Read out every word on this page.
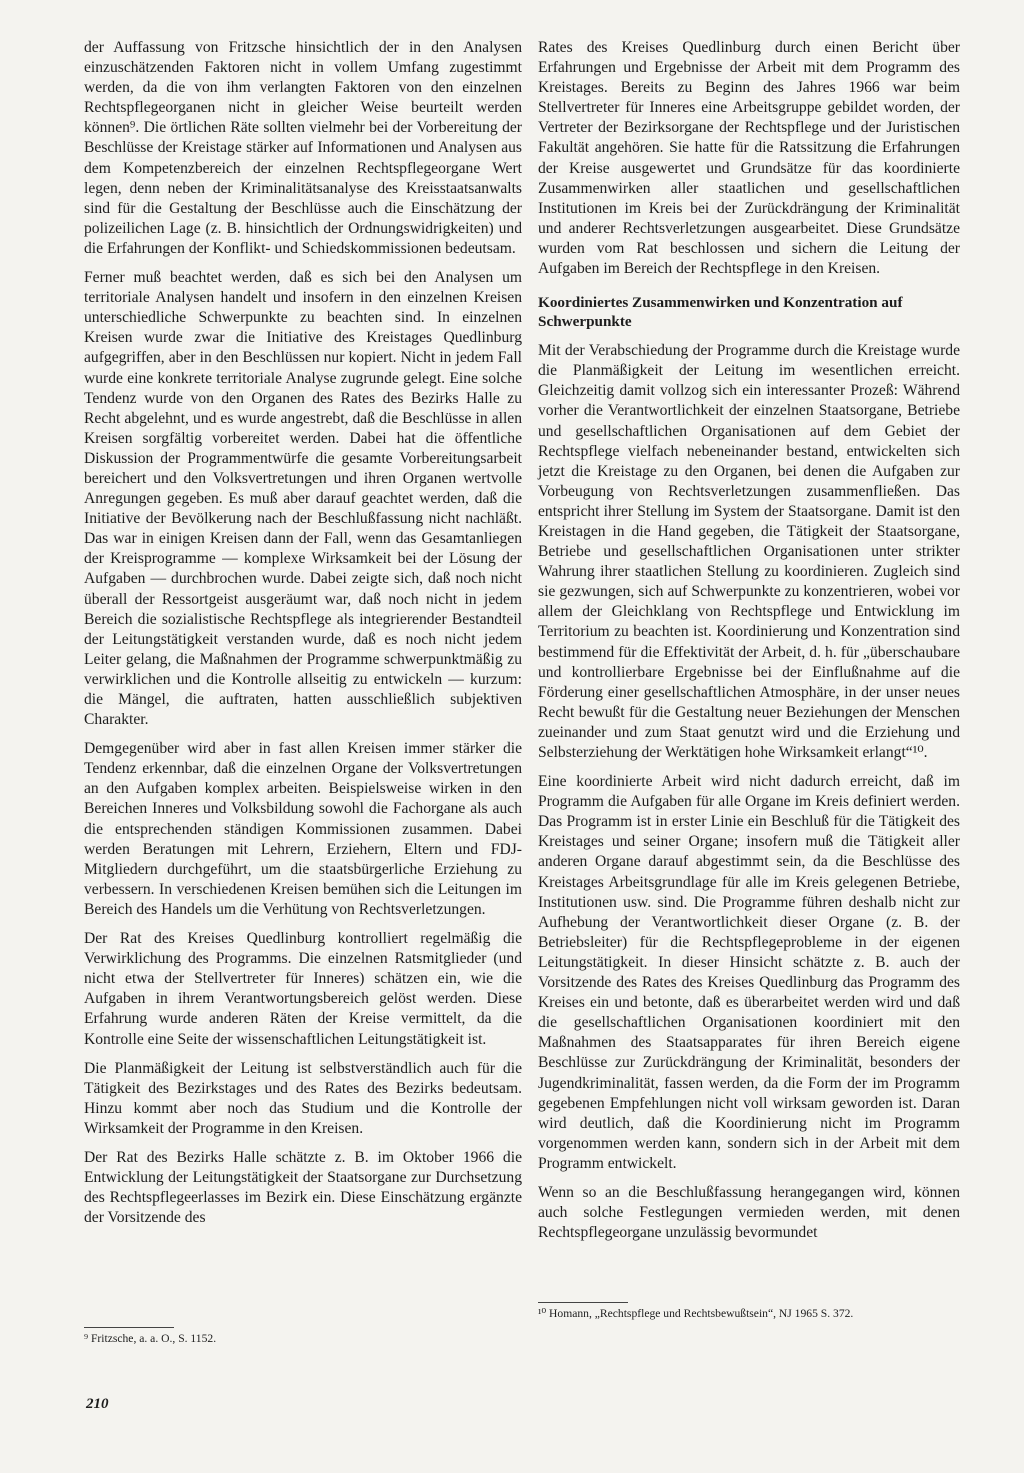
der Auffassung von Fritzsche hinsichtlich der in den Analysen einzuschätzenden Faktoren nicht in vollem Umfang zugestimmt werden, da die von ihm verlangten Faktoren von den einzelnen Rechtspflegeorganen nicht in gleicher Weise beurteilt werden können⁹. Die örtlichen Räte sollten vielmehr bei der Vorbereitung der Beschlüsse der Kreistage stärker auf Informationen und Analysen aus dem Kompetenzbereich der einzelnen Rechtspflegeorgane Wert legen, denn neben der Kriminalitätsanalyse des Kreisstaatsanwalts sind für die Gestaltung der Beschlüsse auch die Einschätzung der polizeilichen Lage (z. B. hinsichtlich der Ordnungswidrigkeiten) und die Erfahrungen der Konflikt- und Schiedskommissionen bedeutsam.

Ferner muß beachtet werden, daß es sich bei den Analysen um territoriale Analysen handelt und insofern in den einzelnen Kreisen unterschiedliche Schwerpunkte zu beachten sind. In einzelnen Kreisen wurde zwar die Initiative des Kreistages Quedlinburg aufgegriffen, aber in den Beschlüssen nur kopiert. Nicht in jedem Fall wurde eine konkrete territoriale Analyse zugrunde gelegt. Eine solche Tendenz wurde von den Organen des Rates des Bezirks Halle zu Recht abgelehnt, und es wurde angestrebt, daß die Beschlüsse in allen Kreisen sorgfältig vorbereitet werden. Dabei hat die öffentliche Diskussion der Programmentwürfe die gesamte Vorbereitungsarbeit bereichert und den Volksvertretungen und ihren Organen wertvolle Anregungen gegeben. Es muß aber darauf geachtet werden, daß die Initiative der Bevölkerung nach der Beschlußfassung nicht nachläßt. Das war in einigen Kreisen dann der Fall, wenn das Gesamtanliegen der Kreisprogramme — komplexe Wirksamkeit bei der Lösung der Aufgaben — durchbrochen wurde. Dabei zeigte sich, daß noch nicht überall der Ressortgeist ausgeräumt war, daß noch nicht in jedem Bereich die sozialistische Rechtspflege als integrierender Bestandteil der Leitungstätigkeit verstanden wurde, daß es noch nicht jedem Leiter gelang, die Maßnahmen der Programme schwerpunktmäßig zu verwirklichen und die Kontrolle allseitig zu entwickeln — kurzum: die Mängel, die auftraten, hatten ausschließlich subjektiven Charakter.

Demgegenüber wird aber in fast allen Kreisen immer stärker die Tendenz erkennbar, daß die einzelnen Organe der Volksvertretungen an den Aufgaben komplex arbeiten. Beispielsweise wirken in den Bereichen Inneres und Volksbildung sowohl die Fachorgane als auch die entsprechenden ständigen Kommissionen zusammen. Dabei werden Beratungen mit Lehrern, Erziehern, Eltern und FDJ-Mitgliedern durchgeführt, um die staatsbürgerliche Erziehung zu verbessern. In verschiedenen Kreisen bemühen sich die Leitungen im Bereich des Handels um die Verhütung von Rechtsverletzungen.

Der Rat des Kreises Quedlinburg kontrolliert regelmäßig die Verwirklichung des Programms. Die einzelnen Ratsmitglieder (und nicht etwa der Stellvertreter für Inneres) schätzen ein, wie die Aufgaben in ihrem Verantwortungsbereich gelöst werden. Diese Erfahrung wurde anderen Räten der Kreise vermittelt, da die Kontrolle eine Seite der wissenschaftlichen Leitungstätigkeit ist.

Die Planmäßigkeit der Leitung ist selbstverständlich auch für die Tätigkeit des Bezirkstages und des Rates des Bezirks bedeutsam. Hinzu kommt aber noch das Studium und die Kontrolle der Wirksamkeit der Programme in den Kreisen.

Der Rat des Bezirks Halle schätzte z. B. im Oktober 1966 die Entwicklung der Leitungstätigkeit der Staatsorgane zur Durchsetzung des Rechtspflegeerlasses im Bezirk ein. Diese Einschätzung ergänzte der Vorsitzende des

⁹ Fritzsche, a. a. O., S. 1152.

Rates des Kreises Quedlinburg durch einen Bericht über Erfahrungen und Ergebnisse der Arbeit mit dem Programm des Kreistages. Bereits zu Beginn des Jahres 1966 war beim Stellvertreter für Inneres eine Arbeitsgruppe gebildet worden, der Vertreter der Bezirksorgane der Rechtspflege und der Juristischen Fakultät angehören. Sie hatte für die Ratssitzung die Erfahrungen der Kreise ausgewertet und Grundsätze für das koordinierte Zusammenwirken aller staatlichen und gesellschaftlichen Institutionen im Kreis bei der Zurückdrängung der Kriminalität und anderer Rechtsverletzungen ausgearbeitet. Diese Grundsätze wurden vom Rat beschlossen und sichern die Leitung der Aufgaben im Bereich der Rechtspflege in den Kreisen.

Koordiniertes Zusammenwirken und Konzentration auf Schwerpunkte

Mit der Verabschiedung der Programme durch die Kreistage wurde die Planmäßigkeit der Leitung im wesentlichen erreicht. Gleichzeitig damit vollzog sich ein interessanter Prozeß: Während vorher die Verantwortlichkeit der einzelnen Staatsorgane, Betriebe und gesellschaftlichen Organisationen auf dem Gebiet der Rechtspflege vielfach nebeneinander bestand, entwickelten sich jetzt die Kreistage zu den Organen, bei denen die Aufgaben zur Vorbeugung von Rechtsverletzungen zusammenfließen. Das entspricht ihrer Stellung im System der Staatsorgane. Damit ist den Kreistagen in die Hand gegeben, die Tätigkeit der Staatsorgane, Betriebe und gesellschaftlichen Organisationen unter strikter Wahrung ihrer staatlichen Stellung zu koordinieren. Zugleich sind sie gezwungen, sich auf Schwerpunkte zu konzentrieren, wobei vor allem der Gleichklang von Rechtspflege und Entwicklung im Territorium zu beachten ist. Koordinierung und Konzentration sind bestimmend für die Effektivität der Arbeit, d. h. für „überschaubare und kontrollierbare Ergebnisse bei der Einflußnahme auf die Förderung einer gesellschaftlichen Atmosphäre, in der unser neues Recht bewußt für die Gestaltung neuer Beziehungen der Menschen zueinander und zum Staat genutzt wird und die Erziehung und Selbsterziehung der Werktätigen hohe Wirksamkeit erlangt“¹⁰.

Eine koordinierte Arbeit wird nicht dadurch erreicht, daß im Programm die Aufgaben für alle Organe im Kreis definiert werden. Das Programm ist in erster Linie ein Beschluß für die Tätigkeit des Kreistages und seiner Organe; insofern muß die Tätigkeit aller anderen Organe darauf abgestimmt sein, da die Beschlüsse des Kreistages Arbeitsgrundlage für alle im Kreis gelegenen Betriebe, Institutionen usw. sind. Die Programme führen deshalb nicht zur Aufhebung der Verantwortlichkeit dieser Organe (z. B. der Betriebsleiter) für die Rechtspflegeprobleme in der eigenen Leitungstätigkeit. In dieser Hinsicht schätzte z. B. auch der Vorsitzende des Rates des Kreises Quedlinburg das Programm des Kreises ein und betonte, daß es überarbeitet werden wird und daß die gesellschaftlichen Organisationen koordiniert mit den Maßnahmen des Staatsapparates für ihren Bereich eigene Beschlüsse zur Zurückdrängung der Kriminalität, besonders der Jugendkriminalität, fassen werden, da die Form der im Programm gegebenen Empfehlungen nicht voll wirksam geworden ist. Daran wird deutlich, daß die Koordinierung nicht im Programm vorgenommen werden kann, sondern sich in der Arbeit mit dem Programm entwickelt.

Wenn so an die Beschlußfassung herangegangen wird, können auch solche Festlegungen vermieden werden, mit denen Rechtspflegeorgane unzulässig bevormundet

¹⁰ Homann, „Rechtspflege und Rechtsbewußtsein“, NJ 1965 S. 372.

210
